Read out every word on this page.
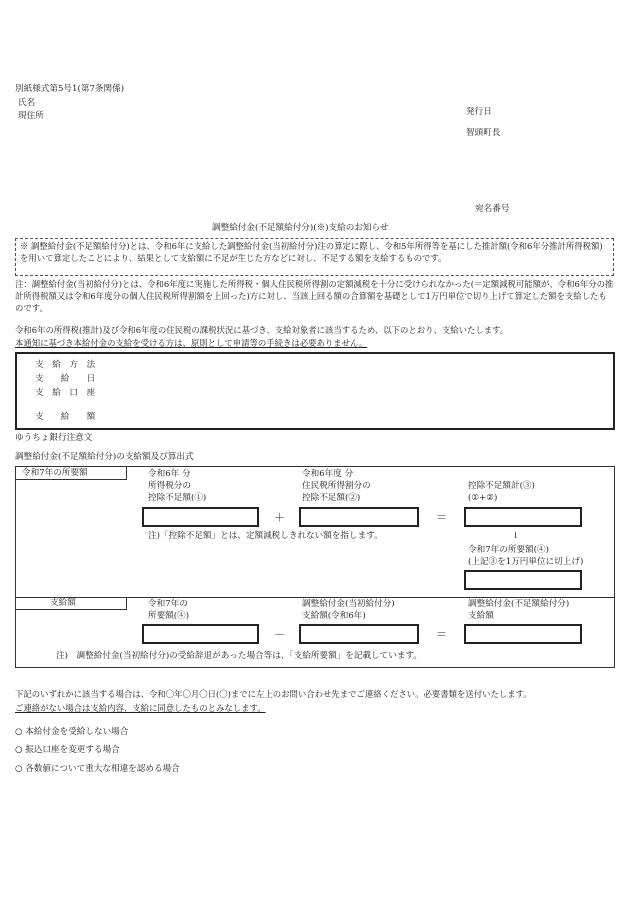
別紙様式第5号1(第7条関係)
氏名
現住所	発行日
智頭町長
宛名番号
調整給付金(不足額給付分)(※)支給のお知らせ
※ 調整給付金(不足額給付分)とは、令和6年に支給した調整給付金(当初給付分)注の算定に際し、令和5年所得等を基にした推計額(令和6年分推計所得税額)を用いて算定したことにより、結果として支給額に不足が生じた方などに対し、不足する額を支給するものです。
注：調整給付金(当初給付分)とは、令和6年度に実施した所得税・個人住民税所得割の定額減税を十分に受けられなかった(＝定額減税可能額が、令和6年分の推計所得税額又は令和6年度分の個人住民税所得割額を上回った)方に対し、当該上回る額の合算額を基礎として1万円単位で切り上げて算定した額を支給したものです。
令和6年の所得税(推計)及び令和6年度の住民税の課税状況に基づき、支給対象者に該当するため、以下のとおり、支給いたします。
本通知に基づき本給付金の支給を受ける方は、原則として申請等の手続きは必要ありません。
支　給　方　法
支　　給　　日
支　給　口　座
支　　給　　額
ゆうちょ銀行注意文
調整給付金(不足額給付分)の支給額及び算出式
令和7年の所要額
支給額
令和6年 分
所得税分の
控除不足額(①)
＋
令和6年度 分
住民税所得割分の
控除不足額(②)
＝
控除不足額計(③)
(①+②)
注)「控除不足額」とは、定額減税しきれない額を指します。	↓
令和7年の所要額(④)
(上記③を1万円単位に切上げ)
令和7年の
所要額(④)
－
調整給付金(当初給付分)
支給額(令和6年)
＝
調整給付金(不足額給付分)
支給額
注)　調整給付金(当初給付分)の受給辞退があった場合等は、「支給所要額」を記載しています。
下記のいずれかに該当する場合は、令和〇年〇月〇日(〇)までに左上のお問い合わせ先までご連絡ください。必要書類を送付いたします。
ご連絡がない場合は支給内容、支給に同意したものとみなします。
○ 本給付金を受給しない場合
○ 振込口座を変更する場合
○ 各数値について重大な相違を認める場合
